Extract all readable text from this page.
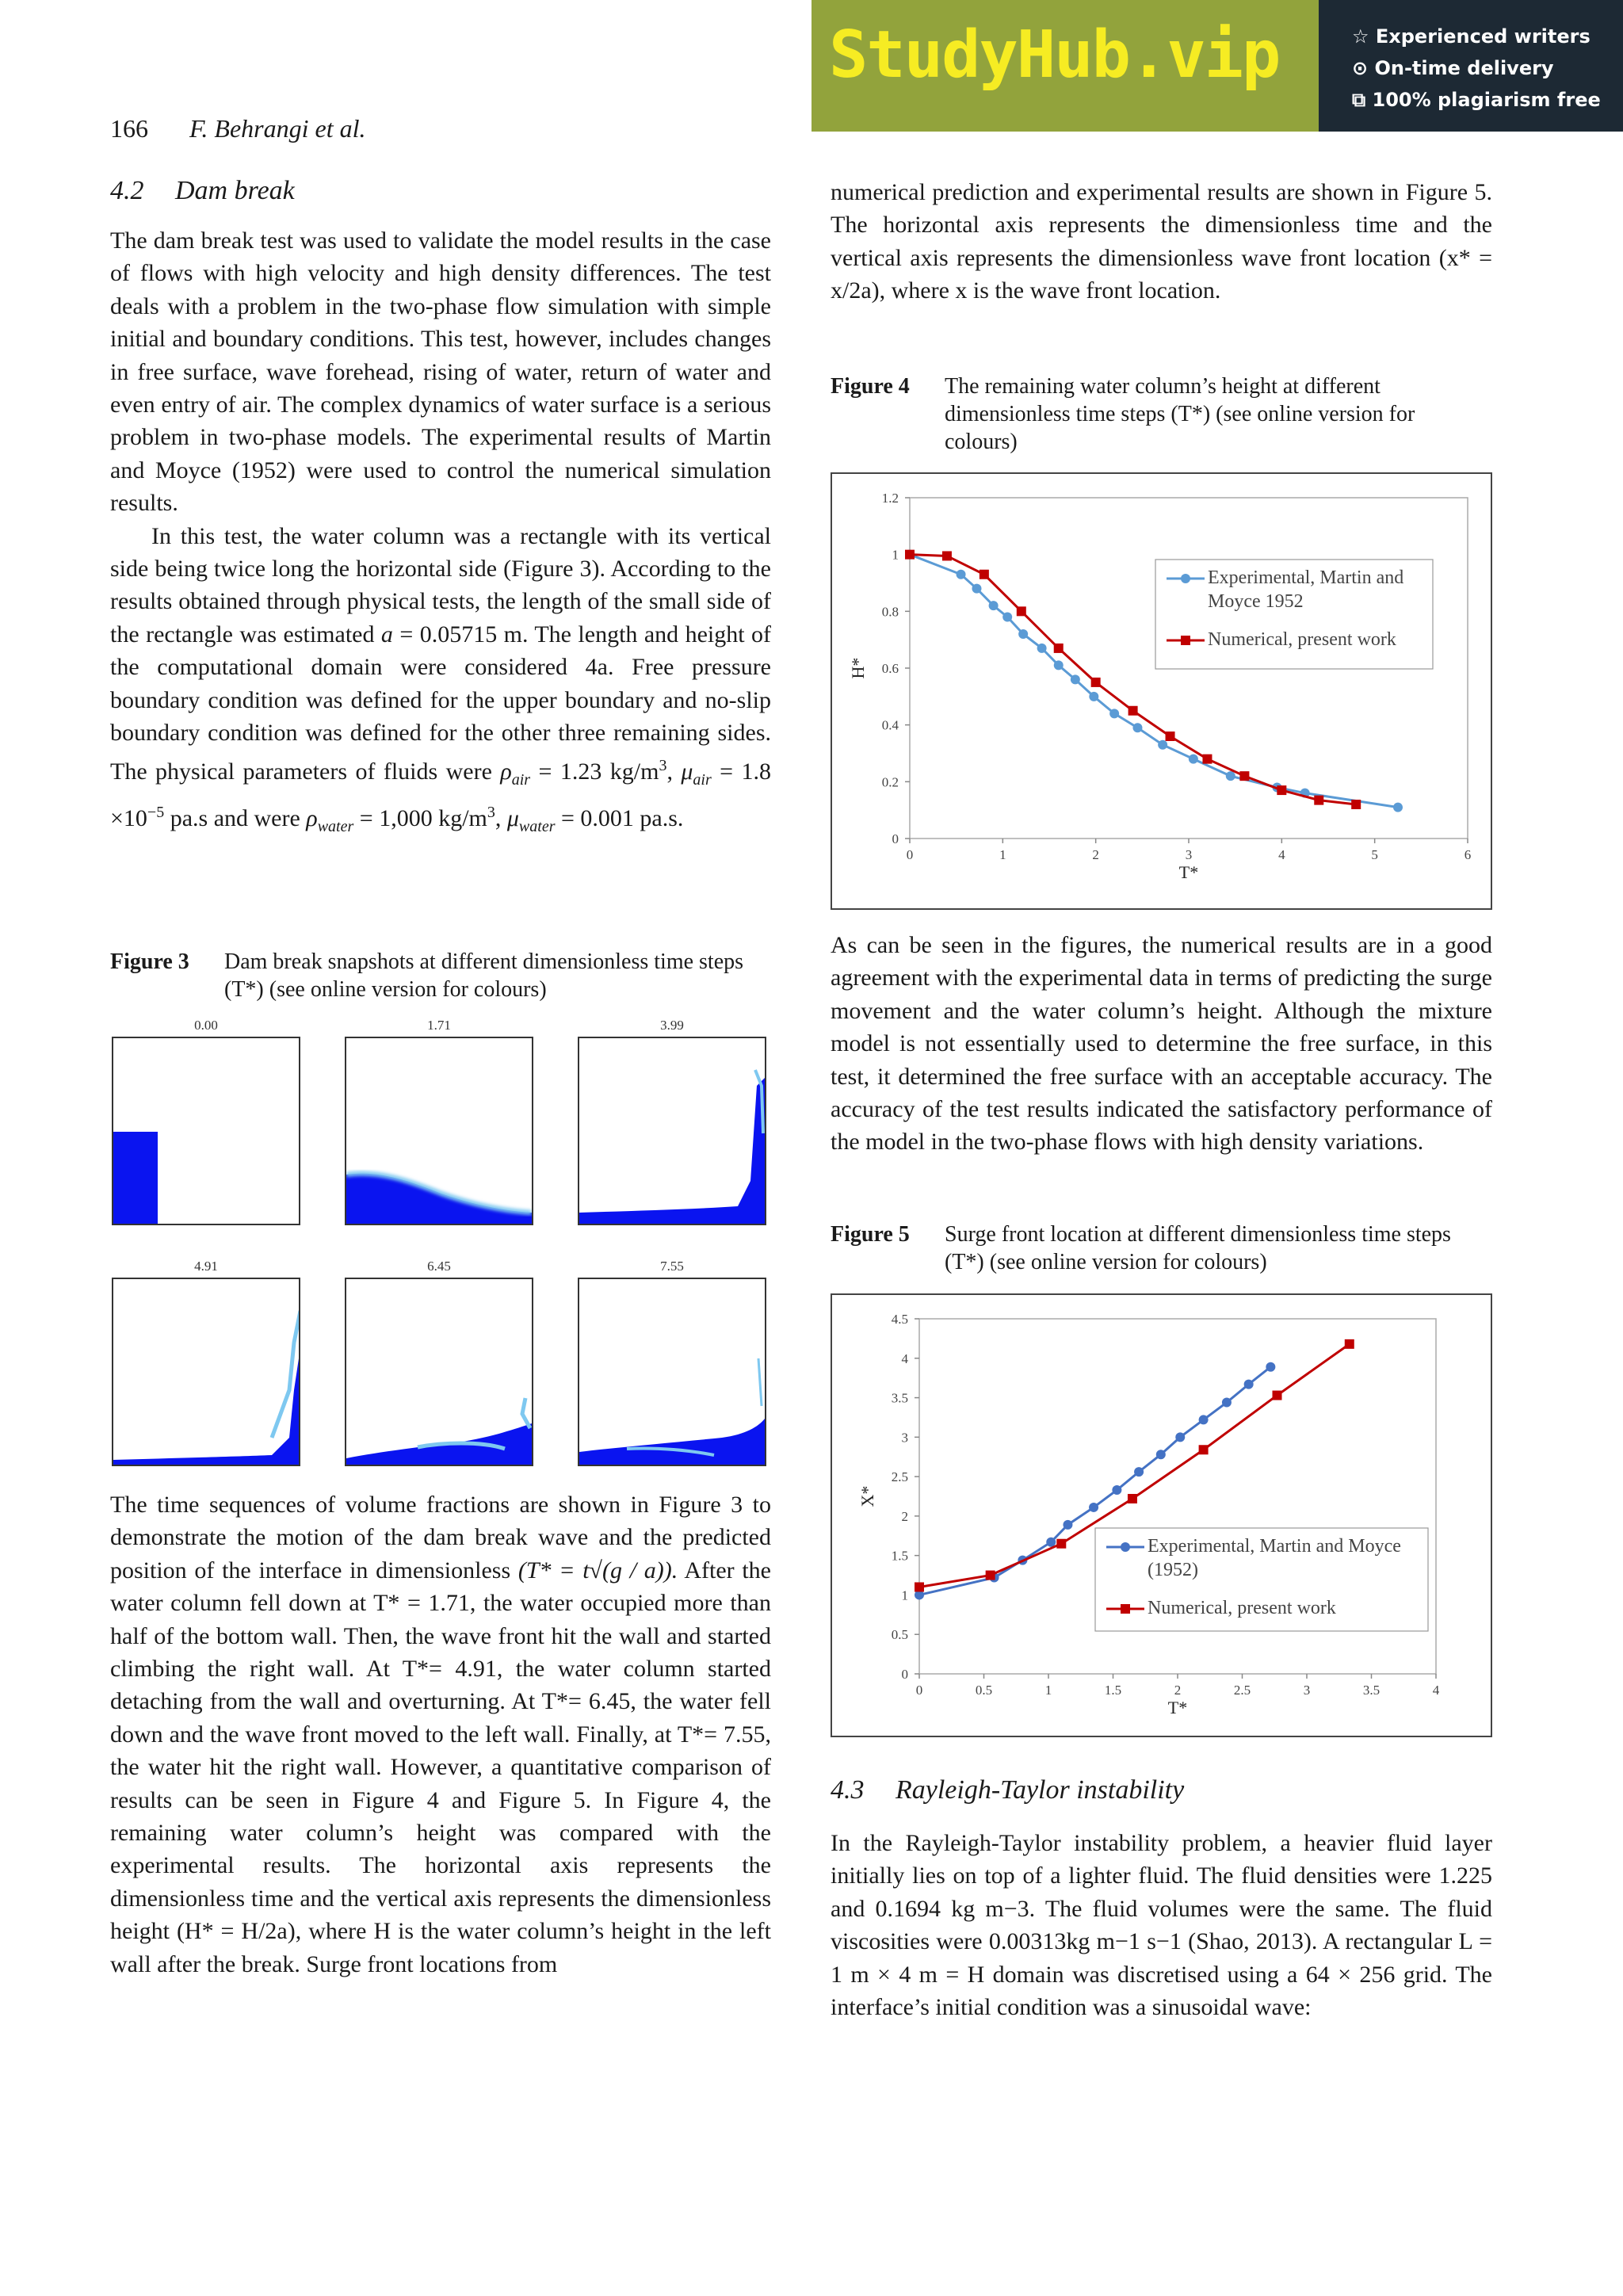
StudyHub.vip	☆ Experienced writers
⊙ On-time delivery
⧉ 100% plagiarism free
166 F. Behrangi et al.
4.2 Dam break

The dam break test was used to validate the model results in the case of flows with high velocity and high density differences. The test deals with a problem in the two-phase flow simulation with simple initial and boundary conditions. This test, however, includes changes in free surface, wave forehead, rising of water, return of water and even entry of air. The complex dynamics of water surface is a serious problem in two-phase models. The experimental results of Martin and Moyce (1952) were used to control the numerical simulation results.

In this test, the water column was a rectangle with its vertical side being twice long the horizontal side (Figure 3). According to the results obtained through physical tests, the length of the small side of the rectangle was estimated a = 0.05715 m. The length and height of the computational domain were considered 4a. Free pressure boundary condition was defined for the upper boundary and no-slip boundary condition was defined for the other three remaining sides. The physical parameters of fluids were $\rho_{air} = 1.23$ $kg/m^3$, $\mu_{air} = 1.8 \times 10^{-5}$ pa.s and were $\rho_{water} = 1,000$ $kg/m^3$, $\mu_{water} = 0.001$ pa.s.

Figure 3 Dam break snapshots at different dimensionless time steps (T*) (see online version for colours)
0.00	1.71	3.99
4.91	6.45	7.55

The time sequences of volume fractions are shown in Figure 3 to demonstrate the motion of the dam break wave and the predicted position of the interface in dimensionless (T* = t√(g / a)). After the water column fell down at T* = 1.71, the water occupied more than half of the bottom wall. Then, the wave front hit the wall and started climbing the right wall. At T*= 4.91, the water column started detaching from the wall and overturning. At T*= 6.45, the water fell down and the wave front moved to the left wall. Finally, at T*= 7.55, the water hit the right wall. However, a quantitative comparison of results can be seen in Figure 4 and Figure 5. In Figure 4, the remaining water column’s height was compared with the experimental results. The horizontal axis represents the dimensionless time and the vertical axis represents the dimensionless height (H* = H/2a), where H is the water column’s height in the left wall after the break. Surge front locations from

numerical prediction and experimental results are shown in Figure 5. The horizontal axis represents the dimensionless time and the vertical axis represents the dimensionless wave front location (x* = x/2a), where x is the wave front location.

Figure 4 The remaining water column’s height at different dimensionless time steps (T*) (see online version for colours)
0
0.2
0.4
0.6
0.8
1
1.2
0	1	2	3	4	5	6
T*
H*
Experimental, Martin and
Moyce 1952
Numerical, present work

As can be seen in the figures, the numerical results are in a good agreement with the experimental data in terms of predicting the surge movement and the water column’s height. Although the mixture model is not essentially used to determine the free surface, in this test, it determined the free surface with an acceptable accuracy. The accuracy of the test results indicated the satisfactory performance of the model in the two-phase flows with high density variations.

Figure 5 Surge front location at different dimensionless time steps (T*) (see online version for colours)
0
0.5
1
1.5
2
2.5
3
3.5
4
4.5
0	0.5	1	1.5	2	2.5	3	3.5	4
T*
X*
Experimental, Martin and Moyce
(1952)
Numerical, present work
4.3 Rayleigh-Taylor instability

In the Rayleigh-Taylor instability problem, a heavier fluid layer initially lies on top of a lighter fluid. The fluid densities were 1.225 and 0.1694 kg m−3. The fluid volumes were the same. The fluid viscosities were 0.00313kg m−1 s−1 (Shao, 2013). A rectangular L = 1 m × 4 m = H domain was discretised using a 64 × 256 grid. The interface’s initial condition was a sinusoidal wave:
